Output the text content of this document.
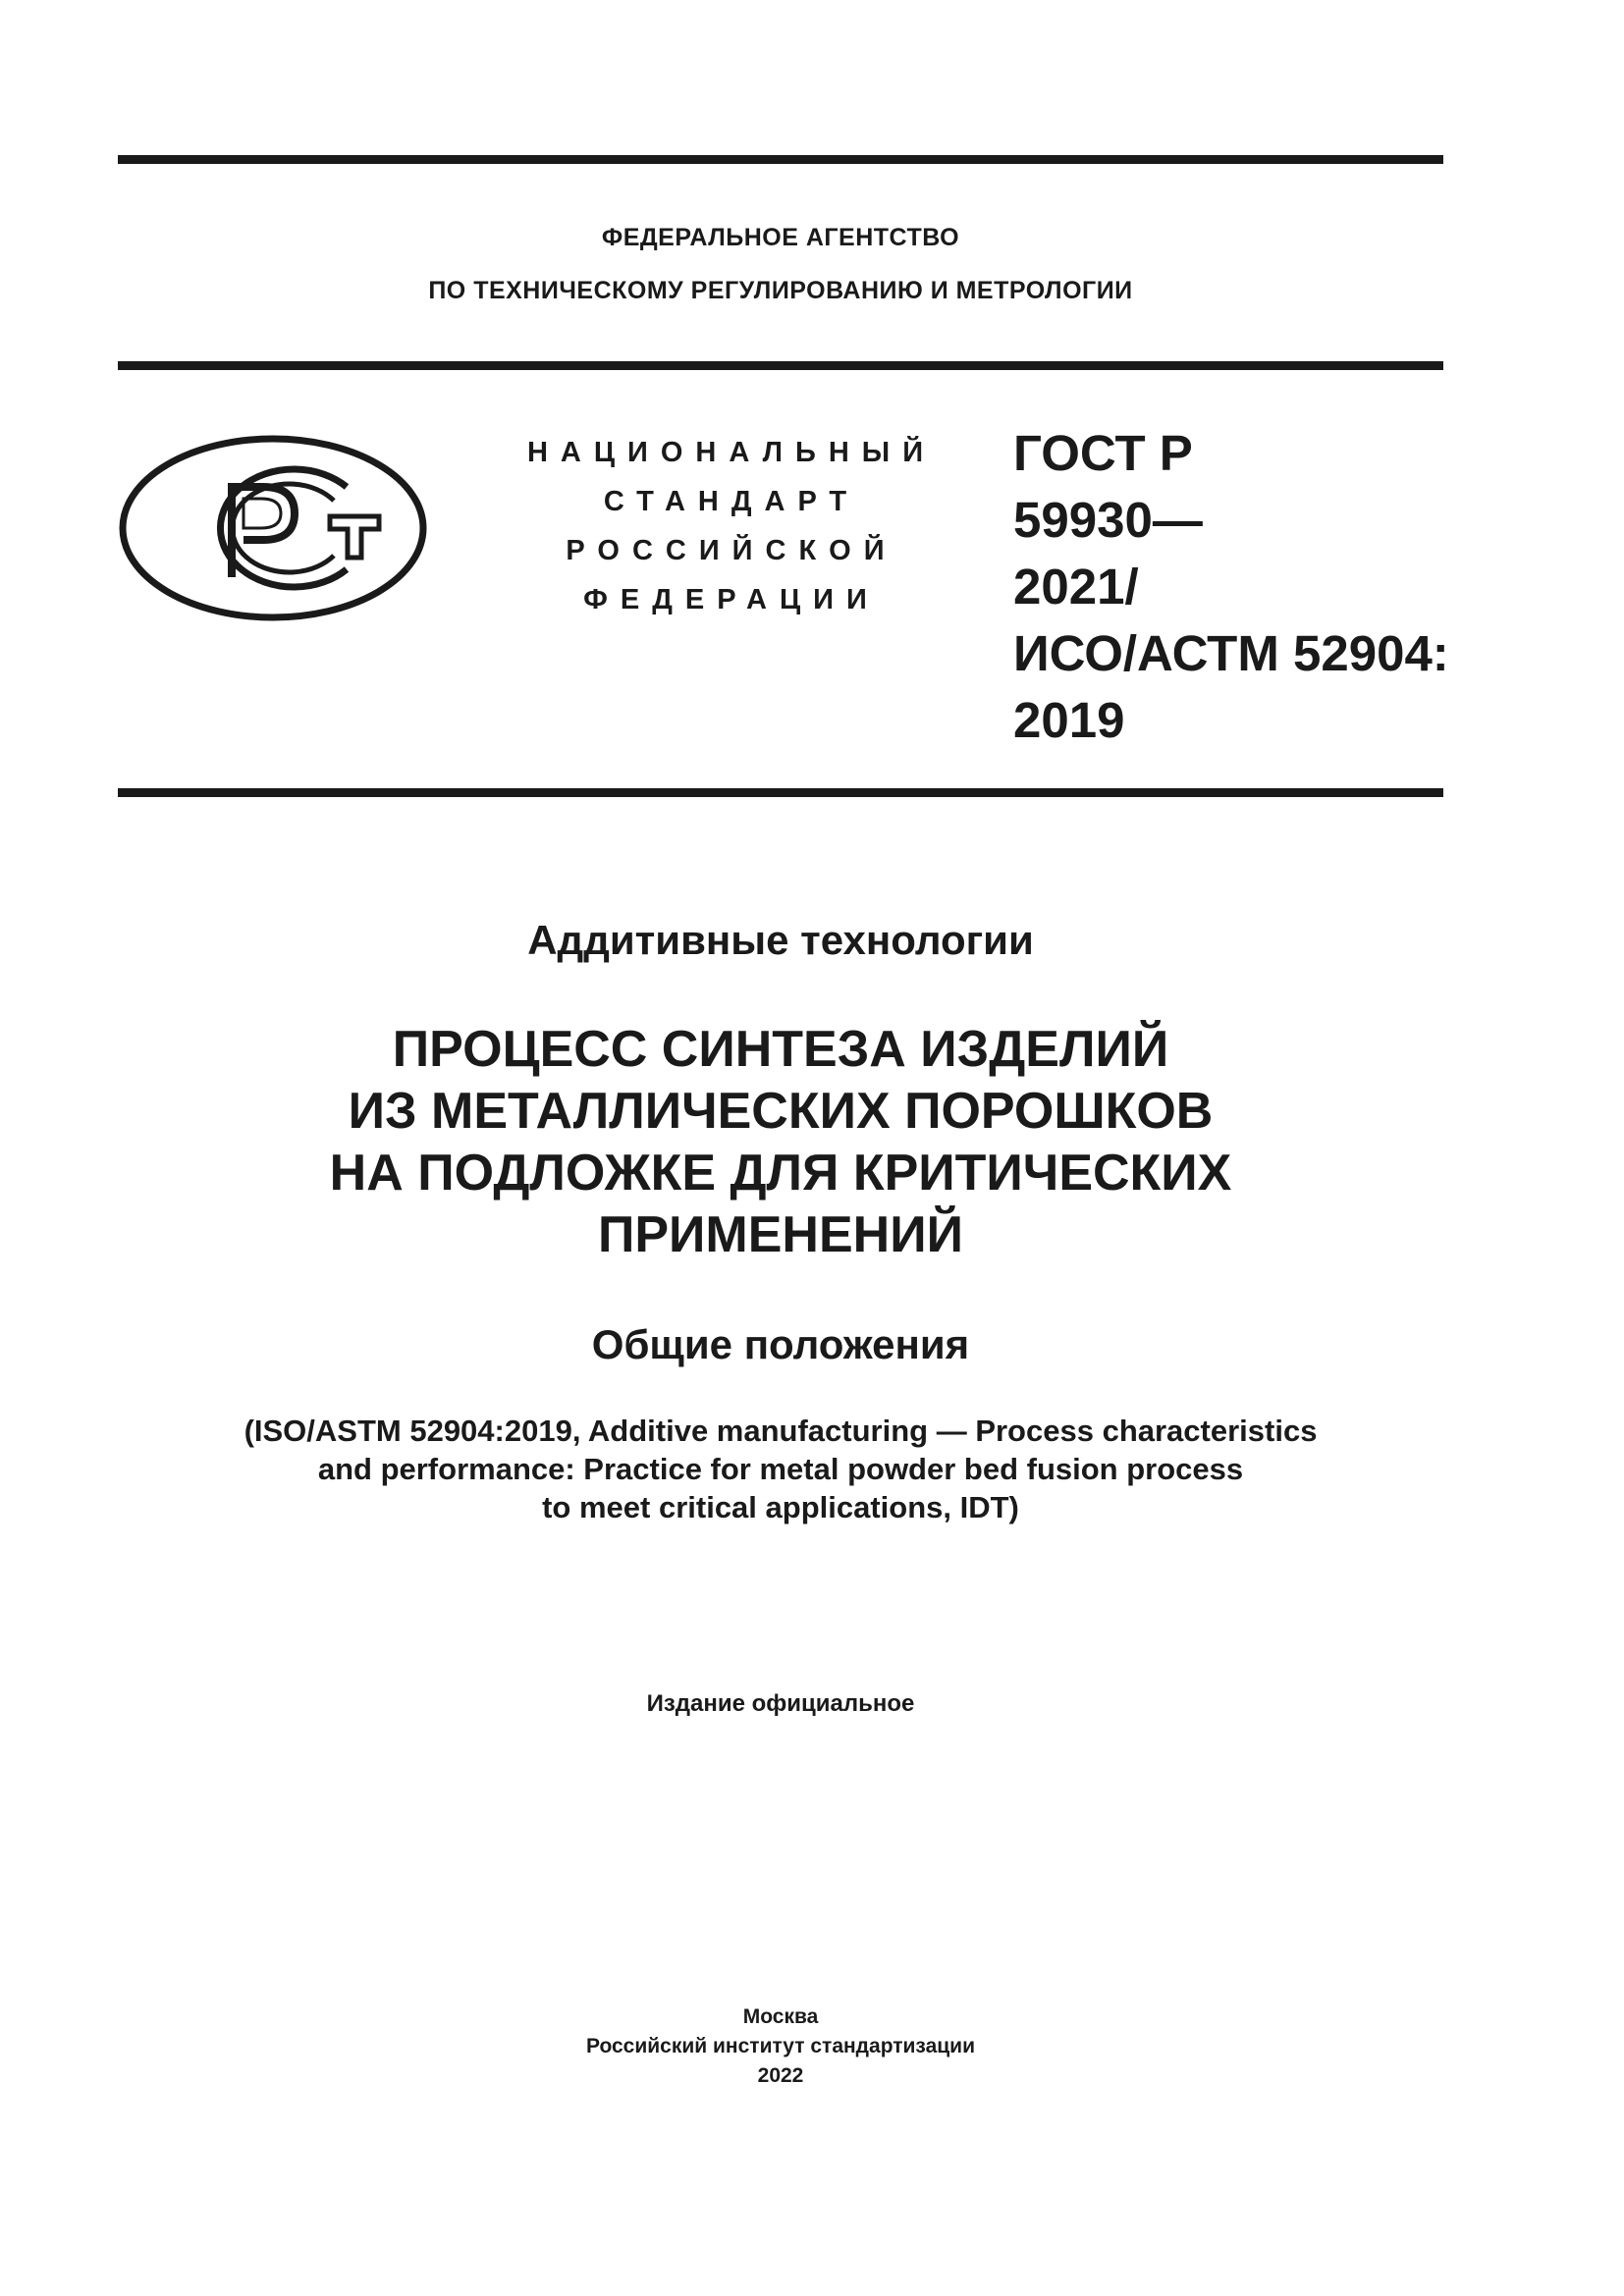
ФЕДЕРАЛЬНОЕ АГЕНТСТВО
ПО ТЕХНИЧЕСКОМУ РЕГУЛИРОВАНИЮ И МЕТРОЛОГИИ
НАЦИОНАЛЬНЫЙ
СТАНДАРТ
РОССИЙСКОЙ
ФЕДЕРАЦИИ
ГОСТ Р
59930—
2021/
ИСО/АСТМ 52904:
2019
Аддитивные технологии
ПРОЦЕСС СИНТЕЗА ИЗДЕЛИЙ
ИЗ МЕТАЛЛИЧЕСКИХ ПОРОШКОВ
НА ПОДЛОЖКЕ ДЛЯ КРИТИЧЕСКИХ
ПРИМЕНЕНИЙ
Общие положения
(ISO/ASTM 52904:2019, Additive manufacturing — Process characteristics
and performance: Practice for metal powder bed fusion process
to meet critical applications, IDT)
Издание официальное
Москва
Российский институт стандартизации
2022
